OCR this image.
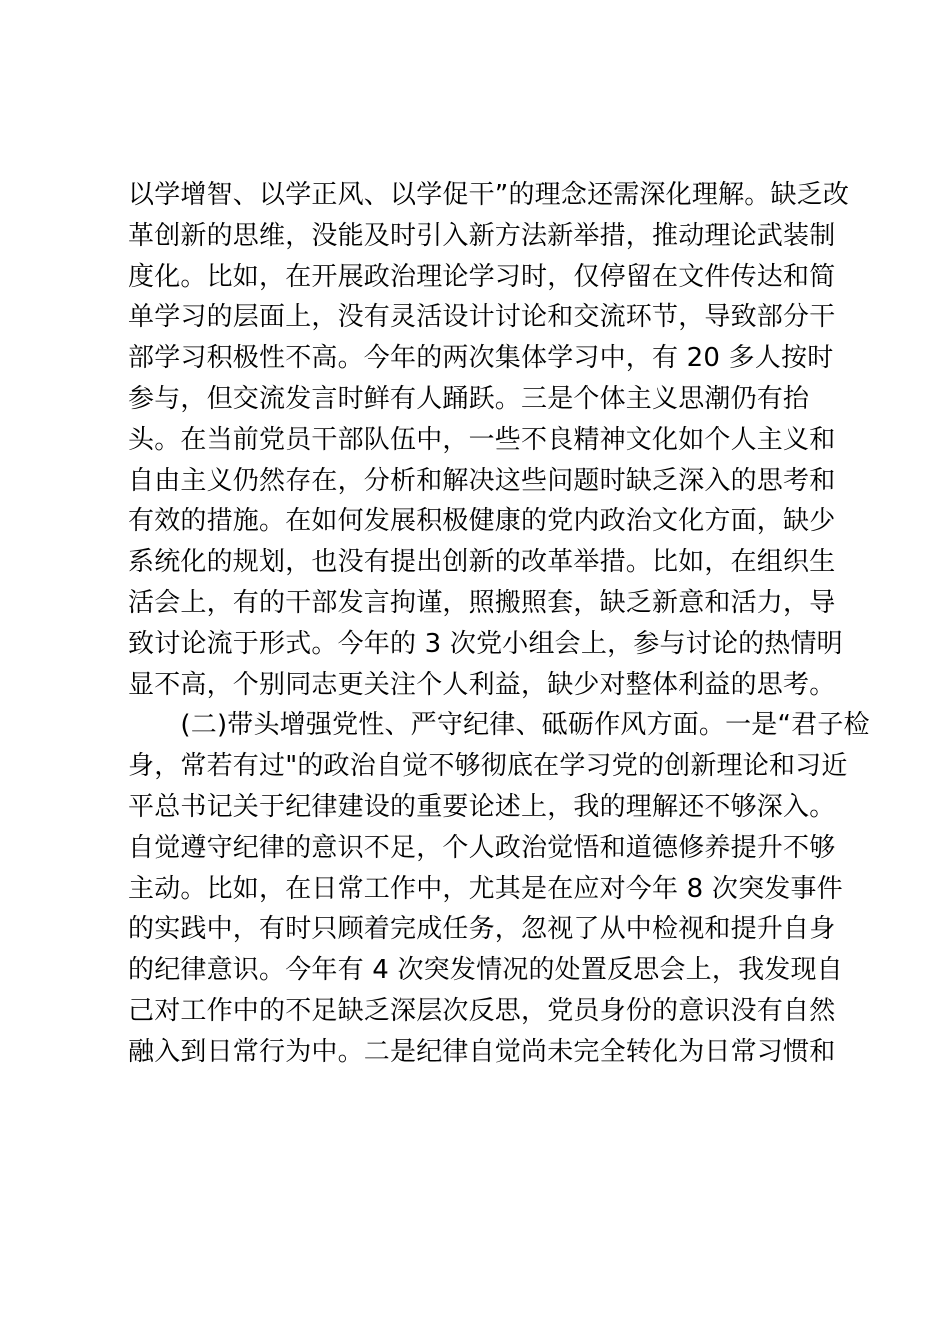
以学增智、以学正风、以学促干”的理念还需深化理解。缺乏改
革创新的思维，没能及时引入新方法新举措，推动理论武装制
度化。比如，在开展政治理论学习时，仅停留在文件传达和简
单学习的层面上，没有灵活设计讨论和交流环节，导致部分干
部学习积极性不高。今年的两次集体学习中，有 20 多人按时
参与，但交流发言时鲜有人踊跃。三是个体主义思潮仍有抬
头。在当前党员干部队伍中，一些不良精神文化如个人主义和
自由主义仍然存在，分析和解决这些问题时缺乏深入的思考和
有效的措施。在如何发展积极健康的党内政治文化方面，缺少
系统化的规划，也没有提出创新的改革举措。比如，在组织生
活会上，有的干部发言拘谨，照搬照套，缺乏新意和活力，导
致讨论流于形式。今年的 3 次党小组会上，参与讨论的热情明
显不高，个别同志更关注个人利益，缺少对整体利益的思考。
　　(二)带头增强党性、严守纪律、砥砺作风方面。一是“君子检
身，常若有过"的政治自觉不够彻底在学习党的创新理论和习近
平总书记关于纪律建设的重要论述上，我的理解还不够深入。
自觉遵守纪律的意识不足，个人政治觉悟和道德修养提升不够
主动。比如，在日常工作中，尤其是在应对今年 8 次突发事件
的实践中，有时只顾着完成任务，忽视了从中检视和提升自身
的纪律意识。今年有 4 次突发情况的处置反思会上，我发现自
己对工作中的不足缺乏深层次反思，党员身份的意识没有自然
融入到日常行为中。二是纪律自觉尚未完全转化为日常习惯和
